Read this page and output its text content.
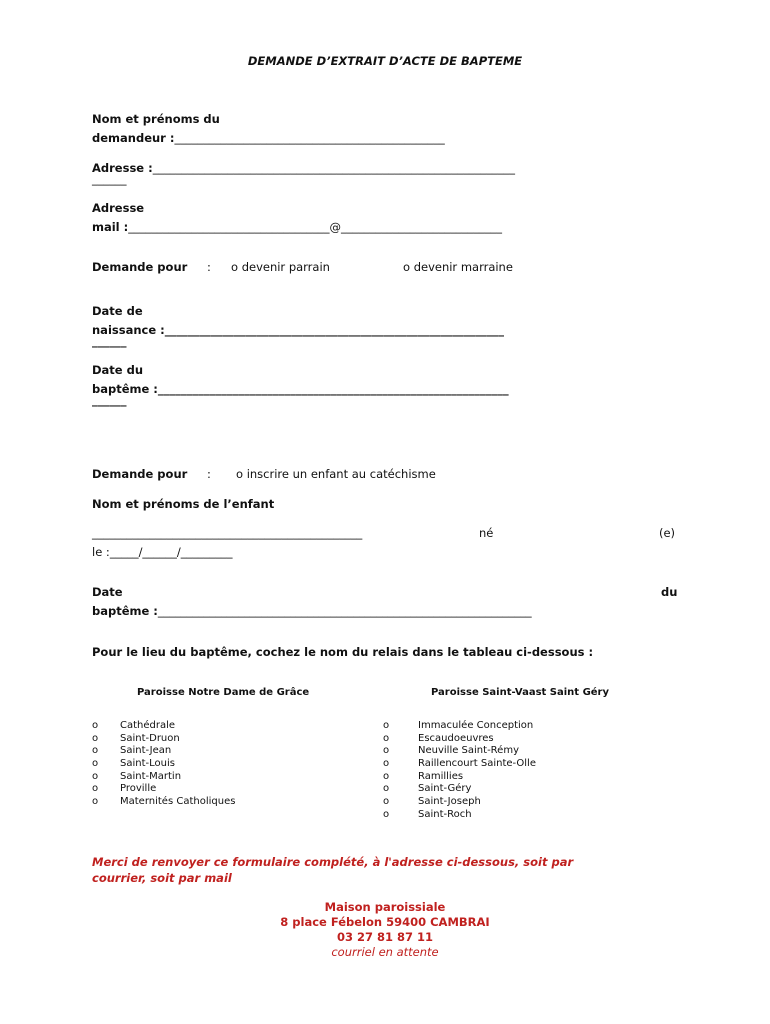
DEMANDE D’EXTRAIT D’ACTE DE BAPTEME
Nom et prénoms du
demandeur :_______________________________________________
Adresse :_______________________________________________________________
______
Adresse
mail :___________________________________@____________________________
Demande pour : o devenir parrain	o devenir marraine
Date de
naissance :___________________________________________________________
______
Date du
baptême :_____________________________________________________________
______
Demande pour : o inscrire un enfant au catéchisme
Nom et prénoms de l’enfant
_______________________________________________	né	(e)
le :_____/______/_________
Date	du
baptême :_________________________________________________________________
Pour le lieu du baptême, cochez le nom du relais dans le tableau ci-dessous :
Paroisse Notre Dame de Grâce
o Cathédrale
o Saint-Druon
o Saint-Jean
o Saint-Louis
o Saint-Martin
o Proville
o Maternités Catholiques
Paroisse Saint-Vaast Saint Géry
o	Immaculée Conception
o	Escaudoeuvres
o	Neuville Saint-Rémy
o	Raillencourt Sainte-Olle
o	Ramillies
o	Saint-Géry
o	Saint-Joseph
o	Saint-Roch
Merci de renvoyer ce formulaire complété, à l'adresse ci-dessous, soit par
courrier, soit par mail
Maison paroissiale
8 place Fébelon 59400 CAMBRAI
03 27 81 87 11
courriel en attente
